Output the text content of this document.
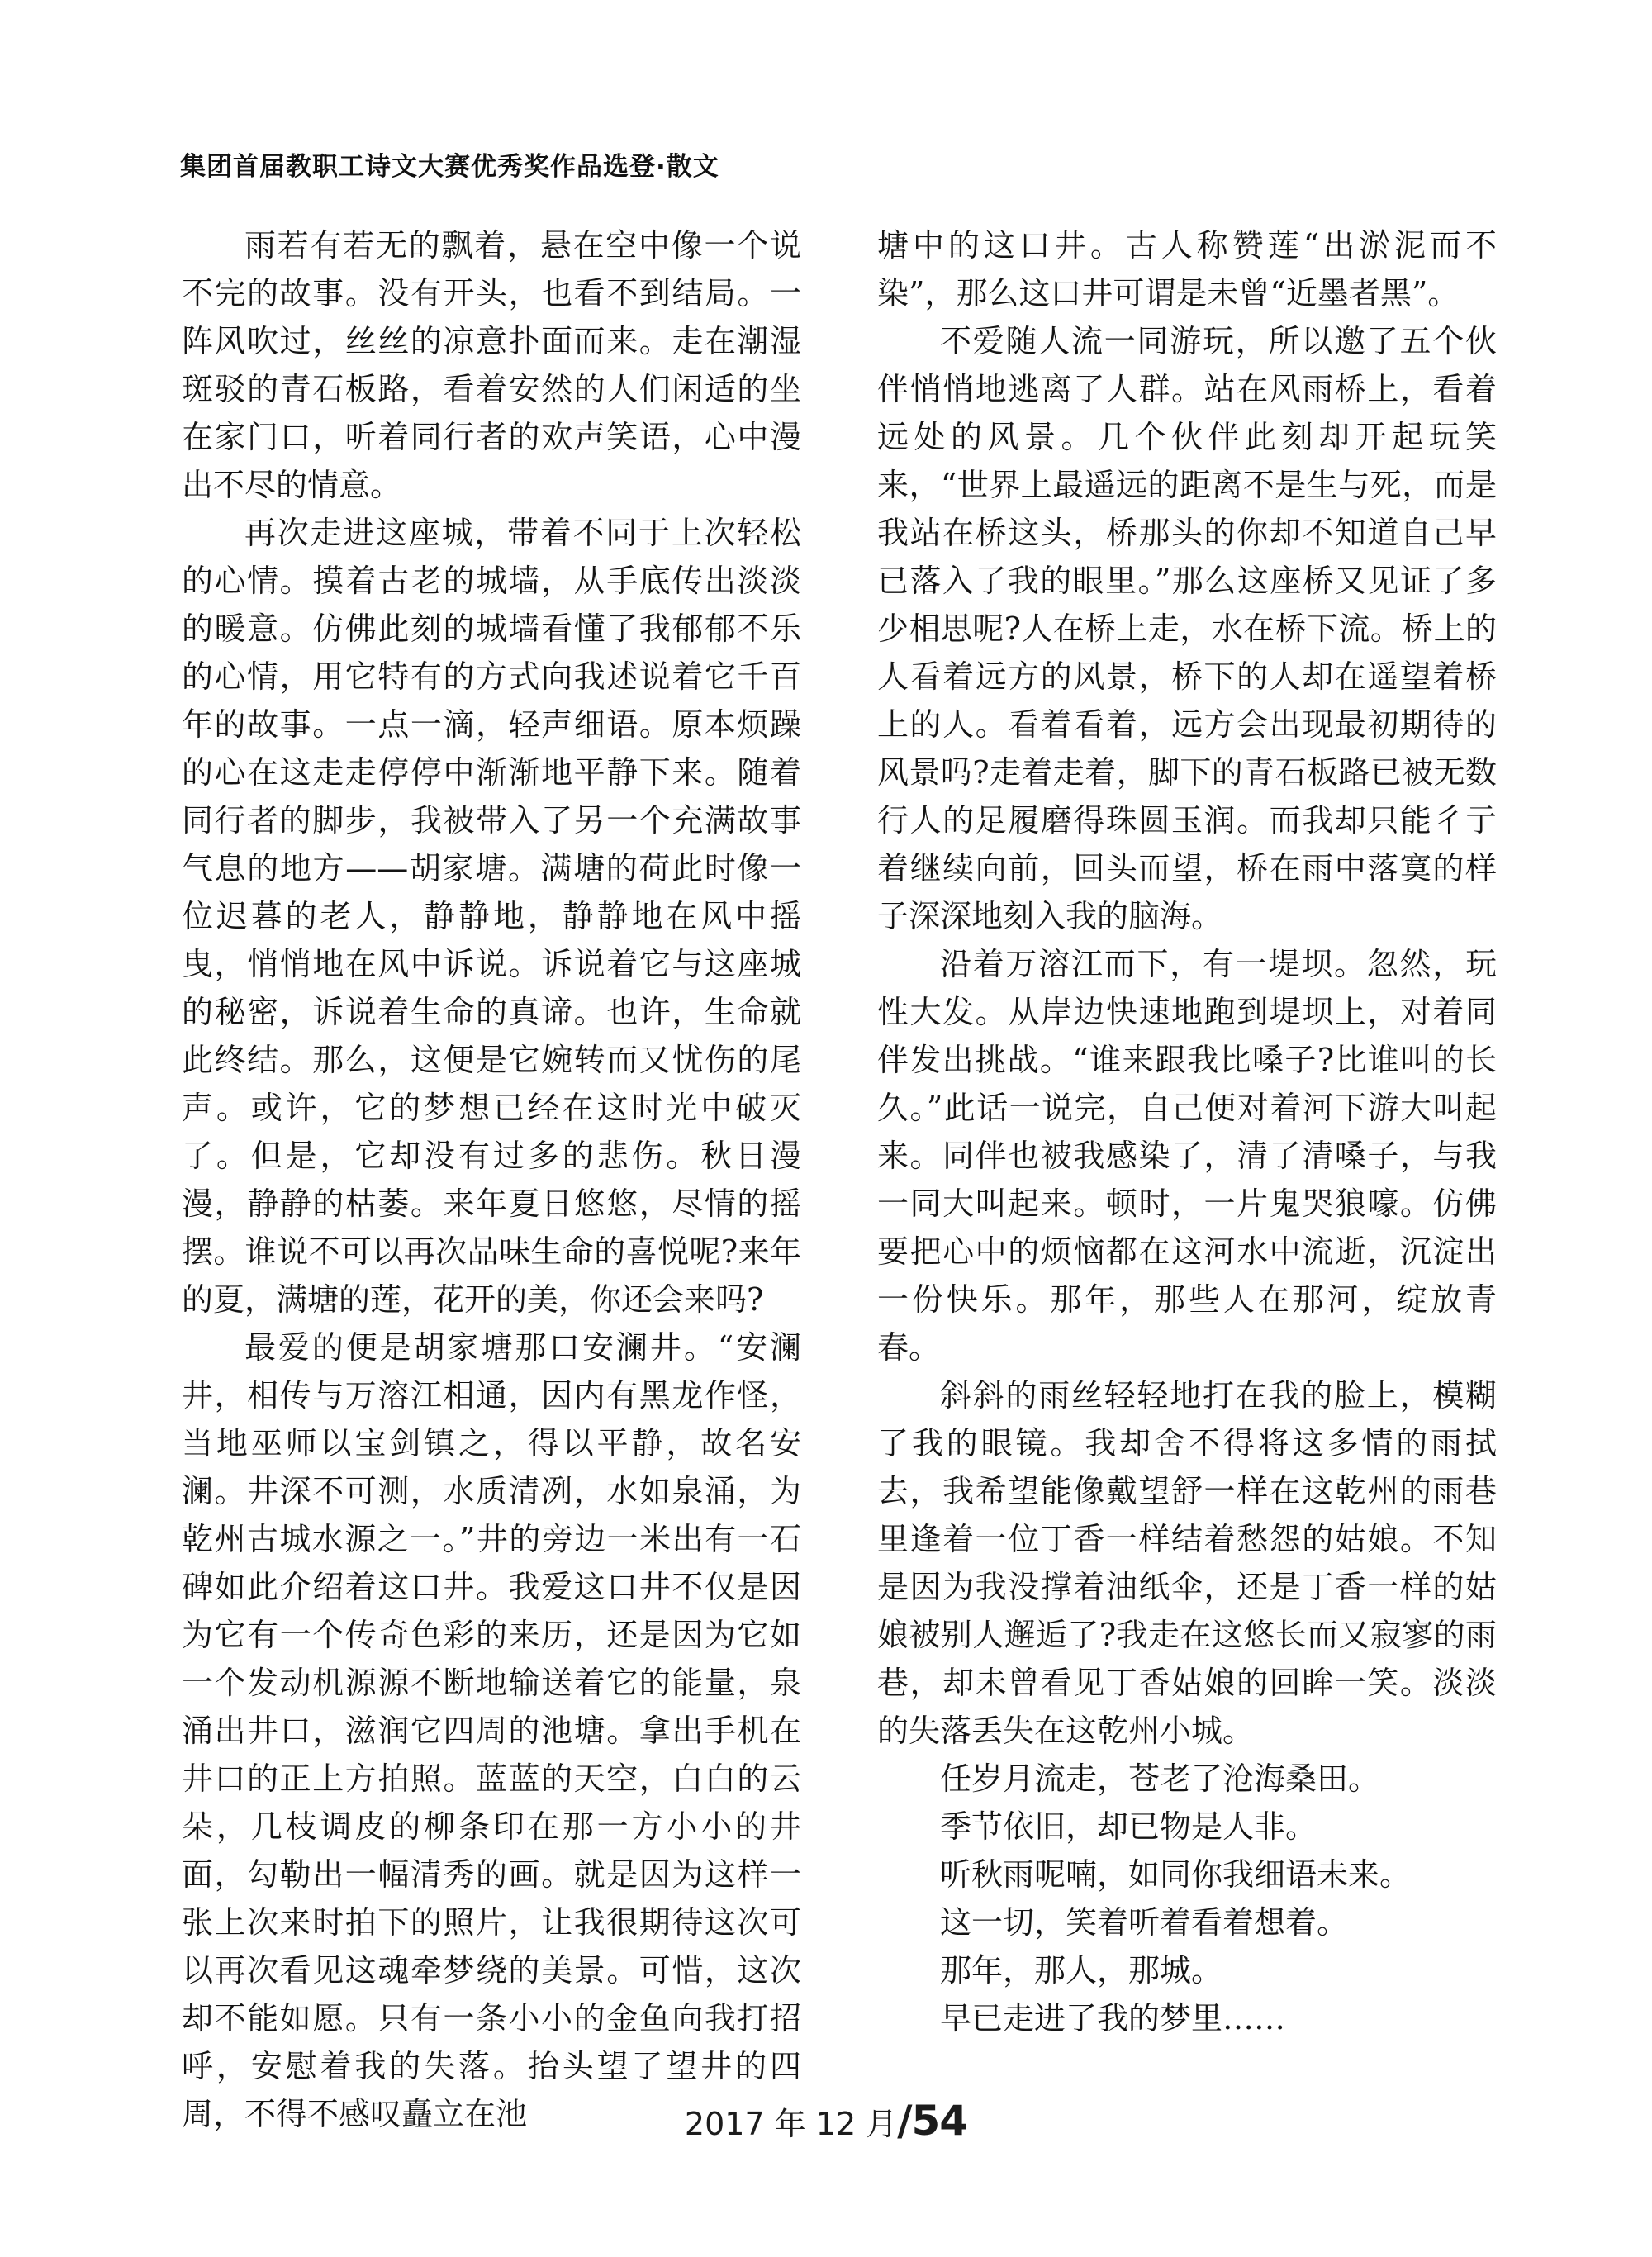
集团首届教职工诗文大赛优秀奖作品选登·散文

雨若有若无的飘着，悬在空中像一个说不完的故事。没有开头，也看不到结局。一阵风吹过，丝丝的凉意扑面而来。走在潮湿斑驳的青石板路，看着安然的人们闲适的坐在家门口，听着同行者的欢声笑语，心中漫出不尽的情意。

再次走进这座城，带着不同于上次轻松的心情。摸着古老的城墙，从手底传出淡淡的暖意。仿佛此刻的城墙看懂了我郁郁不乐的心情，用它特有的方式向我述说着它千百年的故事。一点一滴，轻声细语。原本烦躁的心在这走走停停中渐渐地平静下来。随着同行者的脚步，我被带入了另一个充满故事气息的地方——胡家塘。满塘的荷此时像一位迟暮的老人，静静地，静静地在风中摇曳，悄悄地在风中诉说。诉说着它与这座城的秘密，诉说着生命的真谛。也许，生命就此终结。那么，这便是它婉转而又忧伤的尾声。或许，它的梦想已经在这时光中破灭了。但是，它却没有过多的悲伤。秋日漫漫，静静的枯萎。来年夏日悠悠，尽情的摇摆。谁说不可以再次品味生命的喜悦呢?来年的夏，满塘的莲，花开的美，你还会来吗?

最爱的便是胡家塘那口安澜井。“安澜井，相传与万溶江相通，因内有黑龙作怪，当地巫师以宝剑镇之，得以平静，故名安澜。井深不可测，水质清冽，水如泉涌，为乾州古城水源之一。”井的旁边一米出有一石碑如此介绍着这口井。我爱这口井不仅是因为它有一个传奇色彩的来历，还是因为它如一个发动机源源不断地输送着它的能量，泉涌出井口，滋润它四周的池塘。拿出手机在井口的正上方拍照。蓝蓝的天空，白白的云朵，几枝调皮的柳条印在那一方小小的井面，勾勒出一幅清秀的画。就是因为这样一张上次来时拍下的照片，让我很期待这次可以再次看见这魂牵梦绕的美景。可惜，这次却不能如愿。只有一条小小的金鱼向我打招呼，安慰着我的失落。抬头望了望井的四周，不得不感叹矗立在池

塘中的这口井。古人称赞莲“出淤泥而不染”，那么这口井可谓是未曾“近墨者黑”。

不爱随人流一同游玩，所以邀了五个伙伴悄悄地逃离了人群。站在风雨桥上，看着远处的风景。几个伙伴此刻却开起玩笑来，“世界上最遥远的距离不是生与死，而是我站在桥这头，桥那头的你却不知道自己早已落入了我的眼里。”那么这座桥又见证了多少相思呢?人在桥上走，水在桥下流。桥上的人看着远方的风景，桥下的人却在遥望着桥上的人。看着看着，远方会出现最初期待的风景吗?走着走着，脚下的青石板路已被无数行人的足履磨得珠圆玉润。而我却只能彳亍着继续向前，回头而望，桥在雨中落寞的样子深深地刻入我的脑海。

沿着万溶江而下，有一堤坝。忽然，玩性大发。从岸边快速地跑到堤坝上，对着同伴发出挑战。“谁来跟我比嗓子?比谁叫的长久。”此话一说完，自己便对着河下游大叫起来。同伴也被我感染了，清了清嗓子，与我一同大叫起来。顿时，一片鬼哭狼嚎。仿佛要把心中的烦恼都在这河水中流逝，沉淀出一份快乐。那年，那些人在那河，绽放青春。

斜斜的雨丝轻轻地打在我的脸上，模糊了我的眼镜。我却舍不得将这多情的雨拭去，我希望能像戴望舒一样在这乾州的雨巷里逢着一位丁香一样结着愁怨的姑娘。不知是因为我没撑着油纸伞，还是丁香一样的姑娘被别人邂逅了?我走在这悠长而又寂寥的雨巷，却未曾看见丁香姑娘的回眸一笑。淡淡的失落丢失在这乾州小城。

任岁月流走，苍老了沧海桑田。

季节依旧，却已物是人非。

听秋雨呢喃，如同你我细语未来。

这一切，笑着听着看着想着。

那年，那人，那城。

早已走进了我的梦里……

2017 年 12 月/54
